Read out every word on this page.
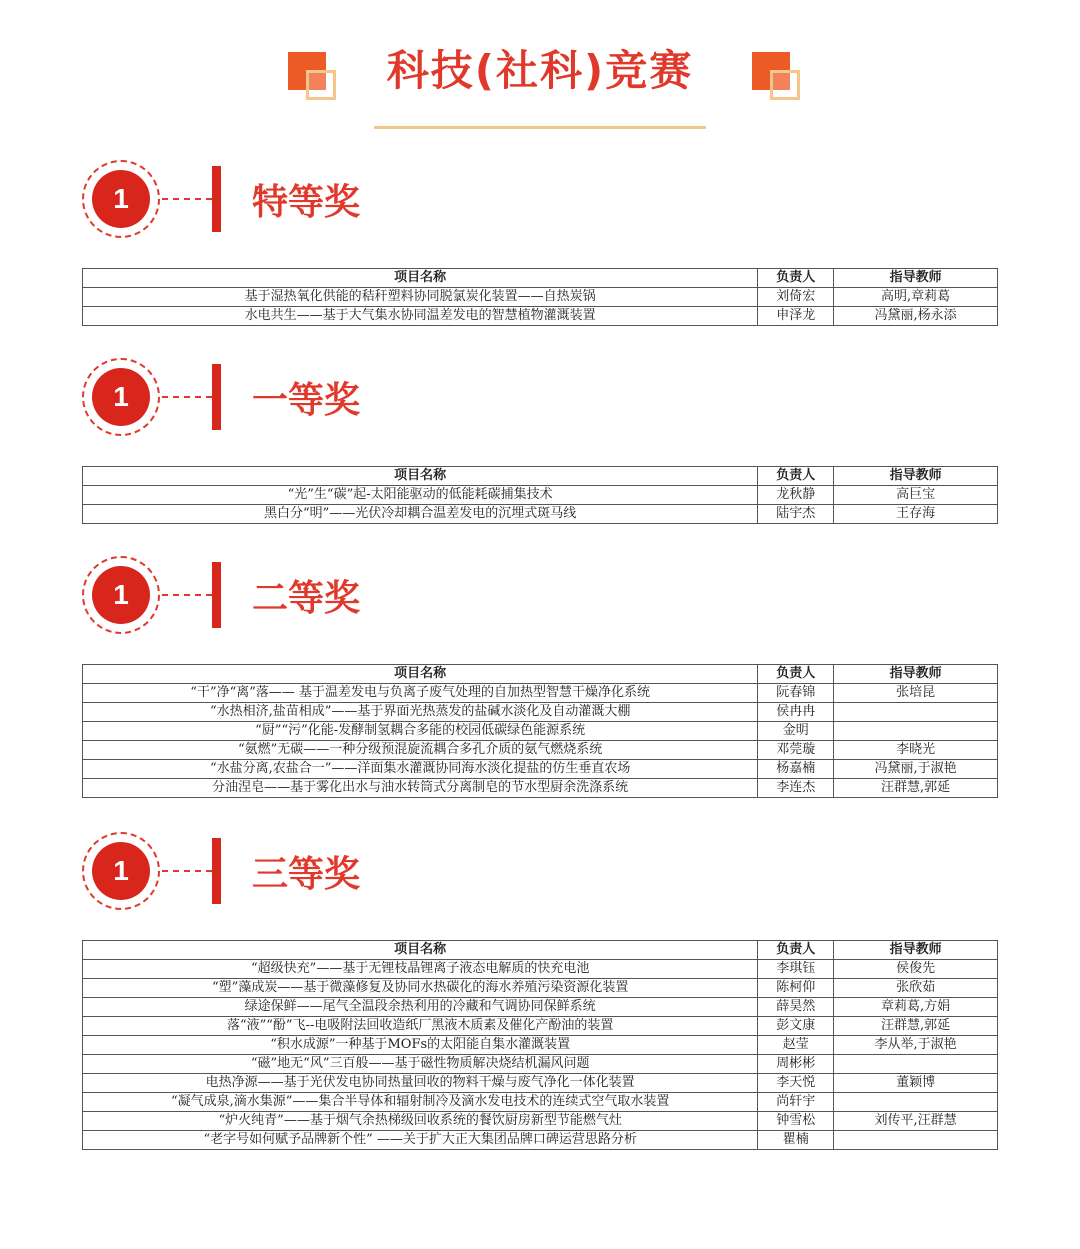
科技(社科)竞赛
1	特等奖
项目名称	负责人	指导教师
基于湿热氧化供能的秸秆塑料协同脱氯炭化装置——自热炭锅	刘倚宏	高明,章莉葛
水电共生——基于大气集水协同温差发电的智慧植物灌溉装置	申泽龙	冯黛丽,杨永添
1	一等奖
项目名称	负责人	指导教师
“光”生“碳”起-太阳能驱动的低能耗碳捕集技术	龙秋静	高巨宝
黑白分“明”——光伏冷却耦合温差发电的沉埋式斑马线	陆宇杰	王存海
1	二等奖
项目名称	负责人	指导教师
“干”净“离”落—— 基于温差发电与负离子废气处理的自加热型智慧干燥净化系统	阮春锦	张培昆
“水热相济,盐苗相成”——基于界面光热蒸发的盐碱水淡化及自动灌溉大棚	侯冉冉	
“厨”“污”化能-发酵制氢耦合多能的校园低碳绿色能源系统	金明	
“氨燃”无碳——一种分级预混旋流耦合多孔介质的氨气燃烧系统	邓莞璇	李晓光
“水盐分离,农盐合一”——洋面集水灌溉协同海水淡化提盐的仿生垂直农场	杨嘉楠	冯黛丽,于淑艳
分油涅皂——基于雾化出水与油水转筒式分离制皂的节水型厨余洗涤系统	李连杰	汪群慧,郭延
1	三等奖
项目名称	负责人	指导教师
“超级快充”——基于无锂枝晶锂离子液态电解质的快充电池	李琪钰	侯俊先
“塑”藻成炭——基于微藻修复及协同水热碳化的海水养殖污染资源化装置	陈柯仰	张欣茹
绿途保鲜——尾气全温段余热利用的冷藏和气调协同保鲜系统	薛昊然	章莉葛,方娟
落“液”“酚”飞--电吸附法回收造纸厂黑液木质素及催化产酚油的装置	彭文康	汪群慧,郭延
“积水成源”一种基于MOFs的太阳能自集水灌溉装置	赵莹	李从举,于淑艳
“磁”地无“风”三百般——基于磁性物质解决烧结机漏风问题	周彬彬	
电热净源——基于光伏发电协同热量回收的物料干燥与废气净化一体化装置	李天悦	董颖博
“凝气成泉,滴水集源”——集合半导体和辐射制冷及滴水发电技术的连续式空气取水装置	尚轩宇	
“炉火纯青”——基于烟气余热梯级回收系统的餐饮厨房新型节能燃气灶	钟雪松	刘传平,汪群慧
“老字号如何赋予品牌新个性” ——关于扩大正大集团品牌口碑运营思路分析	瞿楠	
